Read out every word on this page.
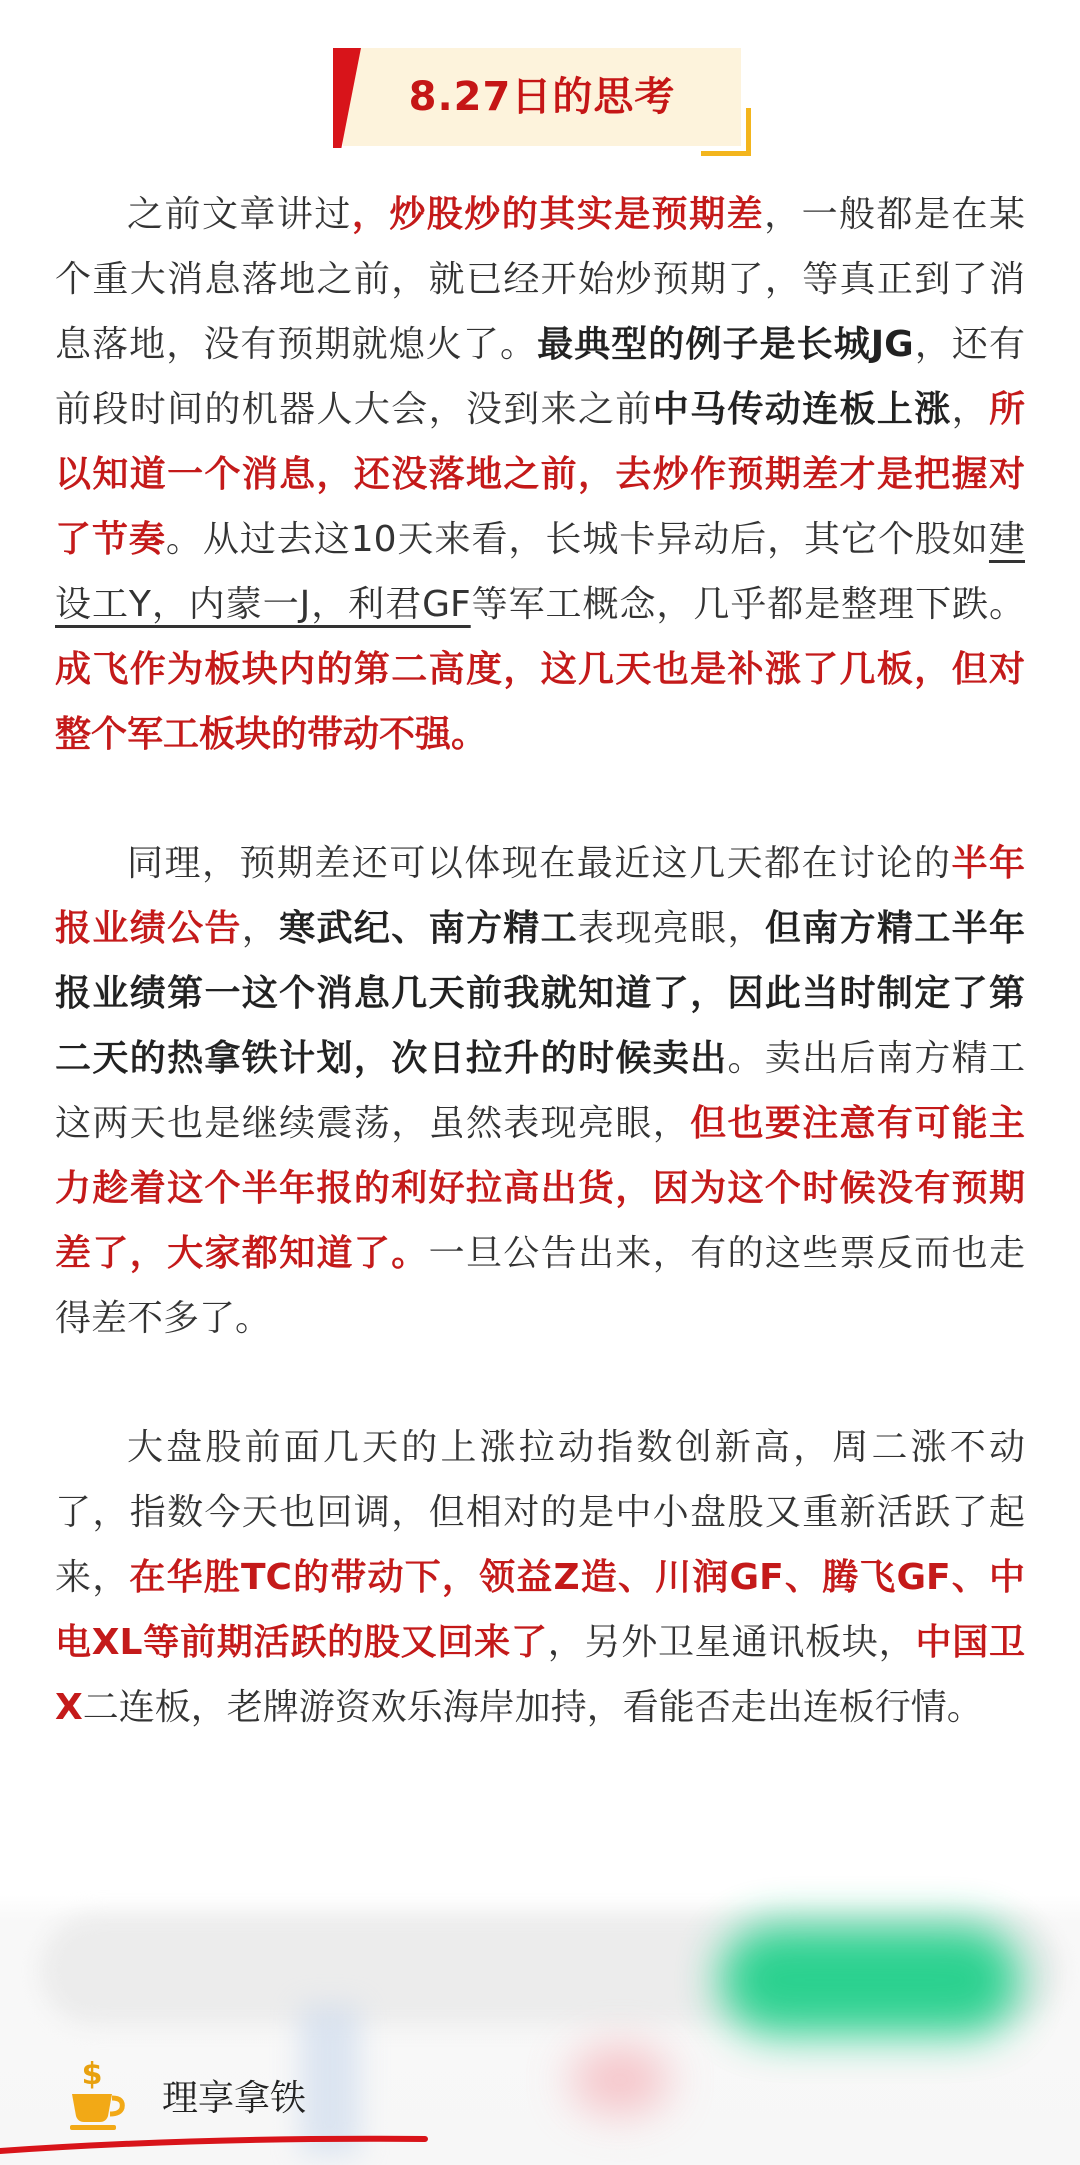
8.27日的思考

之前文章讲过，炒股炒的其实是预期差，一般都是在某个重大消息落地之前，就已经开始炒预期了，等真正到了消息落地，没有预期就熄火了。最典型的例子是长城JG，还有前段时间的机器人大会，没到来之前中马传动连板上涨，所以知道一个消息，还没落地之前，去炒作预期差才是把握对了节奏。从过去这10天来看，长城卡异动后，其它个股如建设工Y，内蒙一J，利君GF等军工概念，几乎都是整理下跌。成飞作为板块内的第二高度，这几天也是补涨了几板，但对整个军工板块的带动不强。

同理，预期差还可以体现在最近这几天都在讨论的半年报业绩公告，寒武纪、南方精工表现亮眼，但南方精工半年报业绩第一这个消息几天前我就知道了，因此当时制定了第二天的热拿铁计划，次日拉升的时候卖出。卖出后南方精工这两天也是继续震荡，虽然表现亮眼，但也要注意有可能主力趁着这个半年报的利好拉高出货，因为这个时候没有预期差了，大家都知道了。一旦公告出来，有的这些票反而也走得差不多了。

大盘股前面几天的上涨拉动指数创新高，周二涨不动了，指数今天也回调，但相对的是中小盘股又重新活跃了起来，在华胜TC的带动下，领益Z造、川润GF、腾飞GF、中电XL等前期活跃的股又回来了，另外卫星通讯板块，中国卫X二连板，老牌游资欢乐海岸加持，看能否走出连板行情。

$
理享拿铁
